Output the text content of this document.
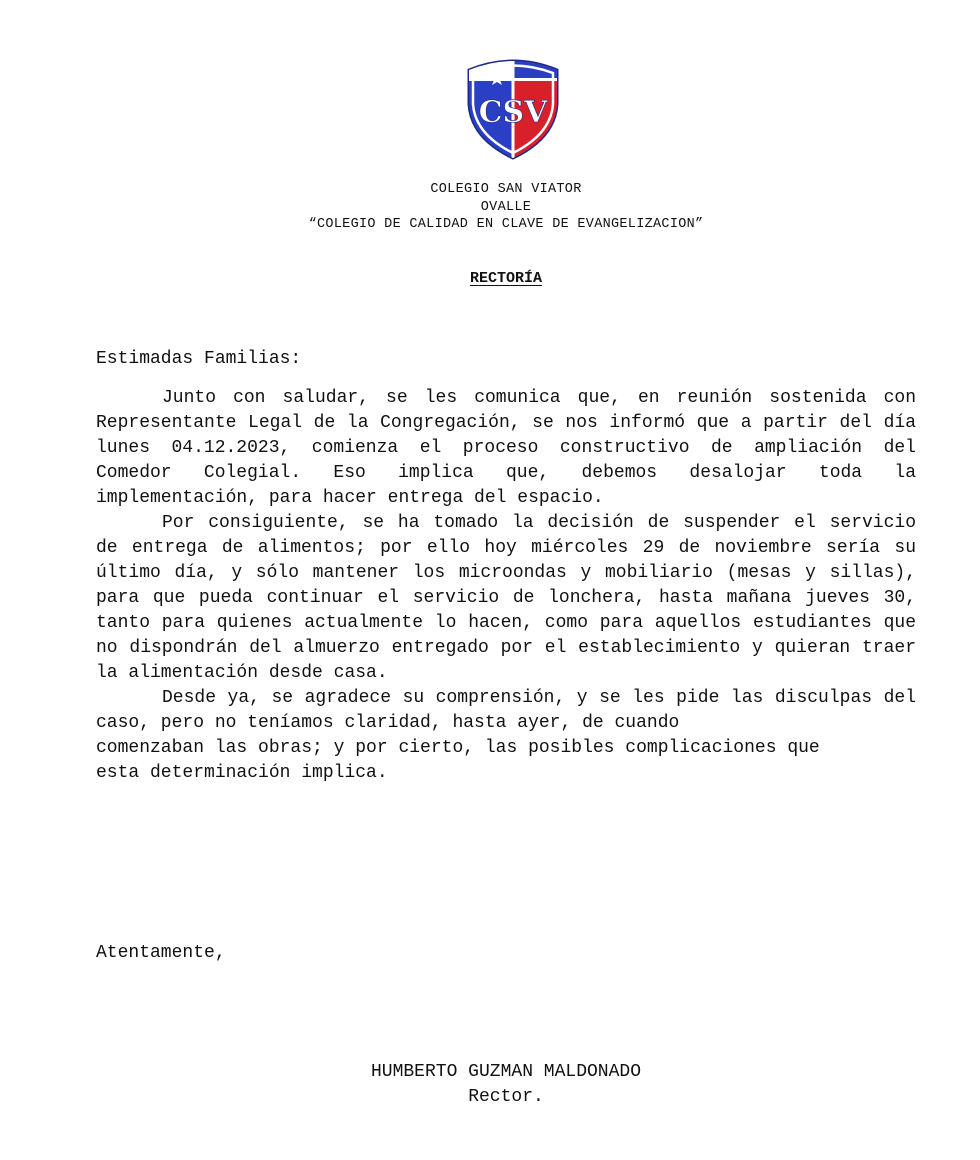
CSV
COLEGIO SAN VIATOR
OVALLE
“COLEGIO DE CALIDAD EN CLAVE DE EVANGELIZACION”
RECTORÍA
Estimadas Familias:

Junto con saludar, se les comunica que, en reunión sostenida con Representante Legal de la Congregación, se nos informó que a partir del día lunes 04.12.2023, comienza el proceso constructivo de ampliación del Comedor Colegial. Eso implica que, debemos desalojar toda la implementación, para hacer entrega del espacio.

Por consiguiente, se ha tomado la decisión de suspender el servicio de entrega de alimentos; por ello hoy miércoles 29 de noviembre sería su último día, y sólo mantener los microondas y mobiliario (mesas y sillas), para que pueda continuar el servicio de lonchera, hasta mañana jueves 30, tanto para quienes actualmente lo hacen, como para aquellos estudiantes que no dispondrán del almuerzo entregado por el establecimiento y quieran traer la alimentación desde casa.

Desde ya, se agradece su comprensión, y se les pide las disculpas del caso, pero no teníamos claridad, hasta ayer, de cuando

comenzaban las obras; y por cierto, las posibles complicaciones que

esta determinación implica.

Atentamente,
HUMBERTO GUZMAN MALDONADO
Rector.
